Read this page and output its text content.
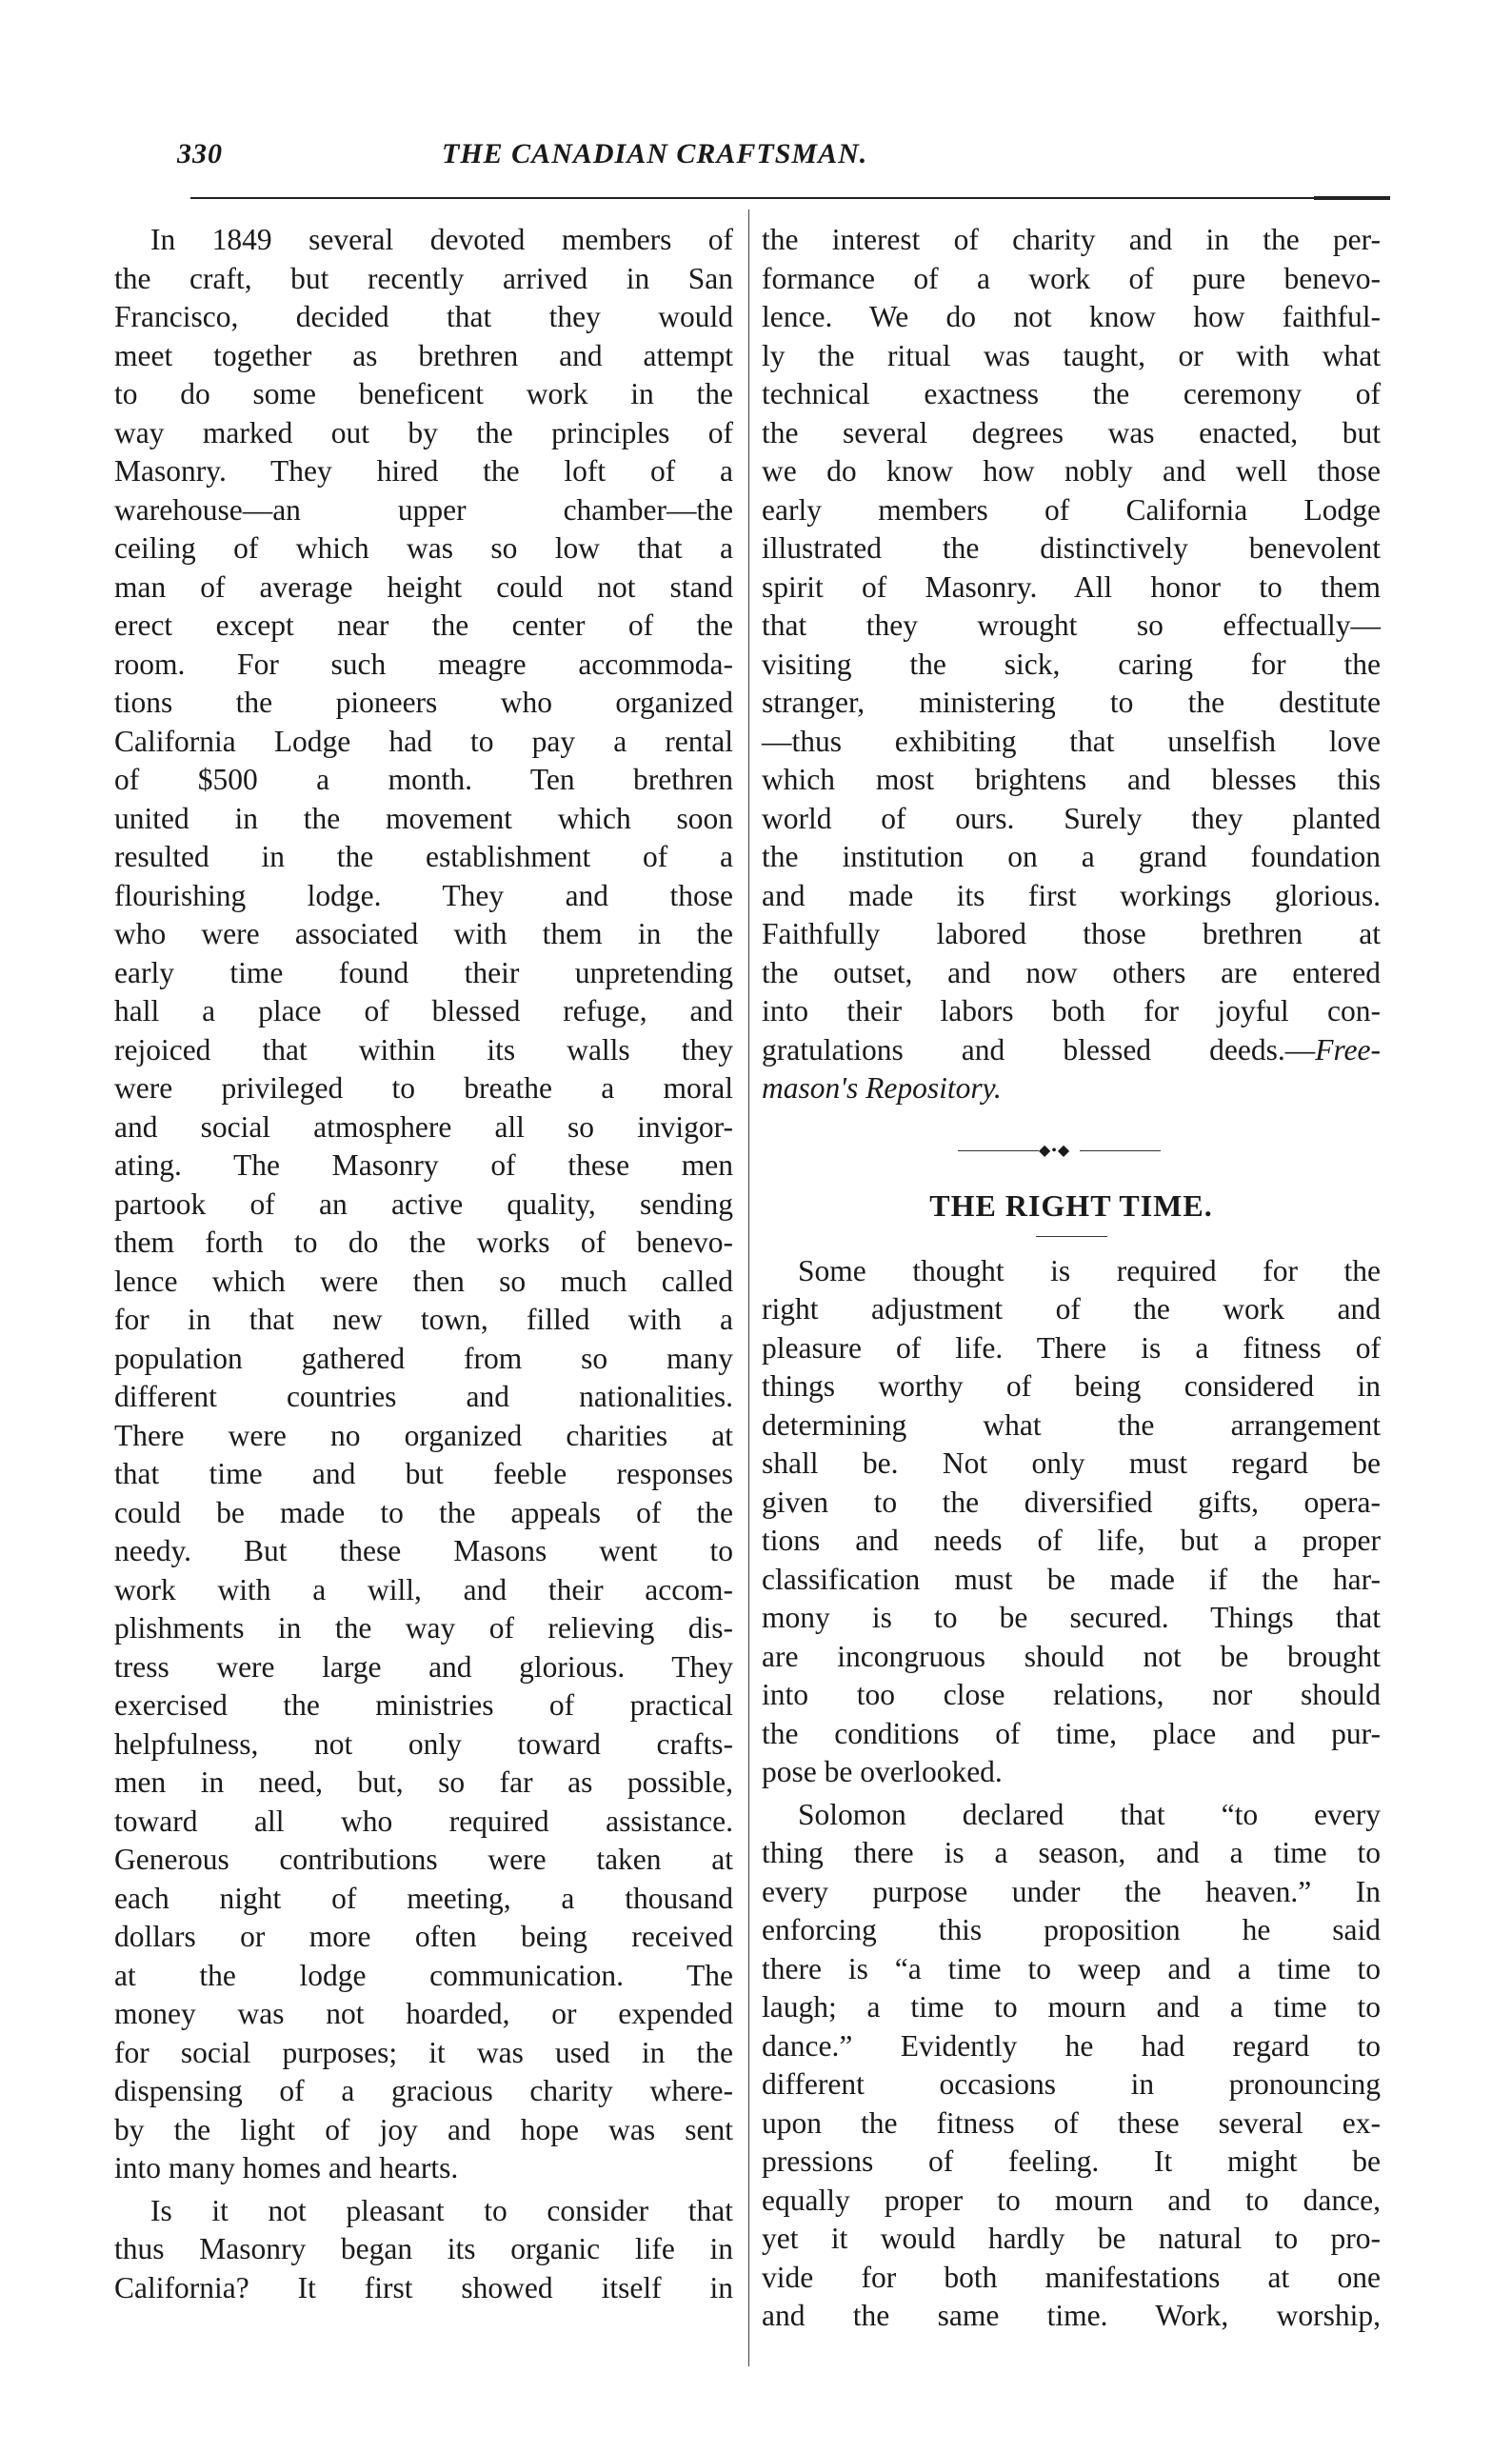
330	THE CANADIAN CRAFTSMAN.
In 1849 several devoted members of
the craft, but recently arrived in San
Francisco, decided that they would
meet together as brethren and attempt
to do some beneficent work in the
way marked out by the principles of
Masonry. They hired the loft of a
warehouse—an upper chamber—the
ceiling of which was so low that a
man of average height could not stand
erect except near the center of the
room. For such meagre accommoda-
tions the pioneers who organized
California Lodge had to pay a rental
of $500 a month. Ten brethren
united in the movement which soon
resulted in the establishment of a
flourishing lodge. They and those
who were associated with them in the
early time found their unpretending
hall a place of blessed refuge, and
rejoiced that within its walls they
were privileged to breathe a moral
and social atmosphere all so invigor-
ating. The Masonry of these men
partook of an active quality, sending
them forth to do the works of benevo-
lence which were then so much called
for in that new town, filled with a
population gathered from so many
different countries and nationalities.
There were no organized charities at
that time and but feeble responses
could be made to the appeals of the
needy. But these Masons went to
work with a will, and their accom-
plishments in the way of relieving dis-
tress were large and glorious. They
exercised the ministries of practical
helpfulness, not only toward crafts-
men in need, but, so far as possible,
toward all who required assistance.
Generous contributions were taken at
each night of meeting, a thousand
dollars or more often being received
at the lodge communication. The
money was not hoarded, or expended
for social purposes; it was used in the
dispensing of a gracious charity where-
by the light of joy and hope was sent
into many homes and hearts.
Is it not pleasant to consider that
thus Masonry began its organic life in
California? It first showed itself in
the interest of charity and in the per-
formance of a work of pure benevo-
lence. We do not know how faithful-
ly the ritual was taught, or with what
technical exactness the ceremony of
the several degrees was enacted, but
we do know how nobly and well those
early members of California Lodge
illustrated the distinctively benevolent
spirit of Masonry. All honor to them
that they wrought so effectually—
visiting the sick, caring for the
stranger, ministering to the destitute
—thus exhibiting that unselfish love
which most brightens and blesses this
world of ours. Surely they planted
the institution on a grand foundation
and made its first workings glorious.
Faithfully labored those brethren at
the outset, and now others are entered
into their labors both for joyful con-
gratulations and blessed deeds.—Free-
mason's Repository.
◆•◆
THE RIGHT TIME.
Some thought is required for the
right adjustment of the work and
pleasure of life. There is a fitness of
things worthy of being considered in
determining what the arrangement
shall be. Not only must regard be
given to the diversified gifts, opera-
tions and needs of life, but a proper
classification must be made if the har-
mony is to be secured. Things that
are incongruous should not be brought
into too close relations, nor should
the conditions of time, place and pur-
pose be overlooked.
Solomon declared that “to every
thing there is a season, and a time to
every purpose under the heaven.” In
enforcing this proposition he said
there is “a time to weep and a time to
laugh; a time to mourn and a time to
dance.” Evidently he had regard to
different occasions in pronouncing
upon the fitness of these several ex-
pressions of feeling. It might be
equally proper to mourn and to dance,
yet it would hardly be natural to pro-
vide for both manifestations at one
and the same time. Work, worship,
